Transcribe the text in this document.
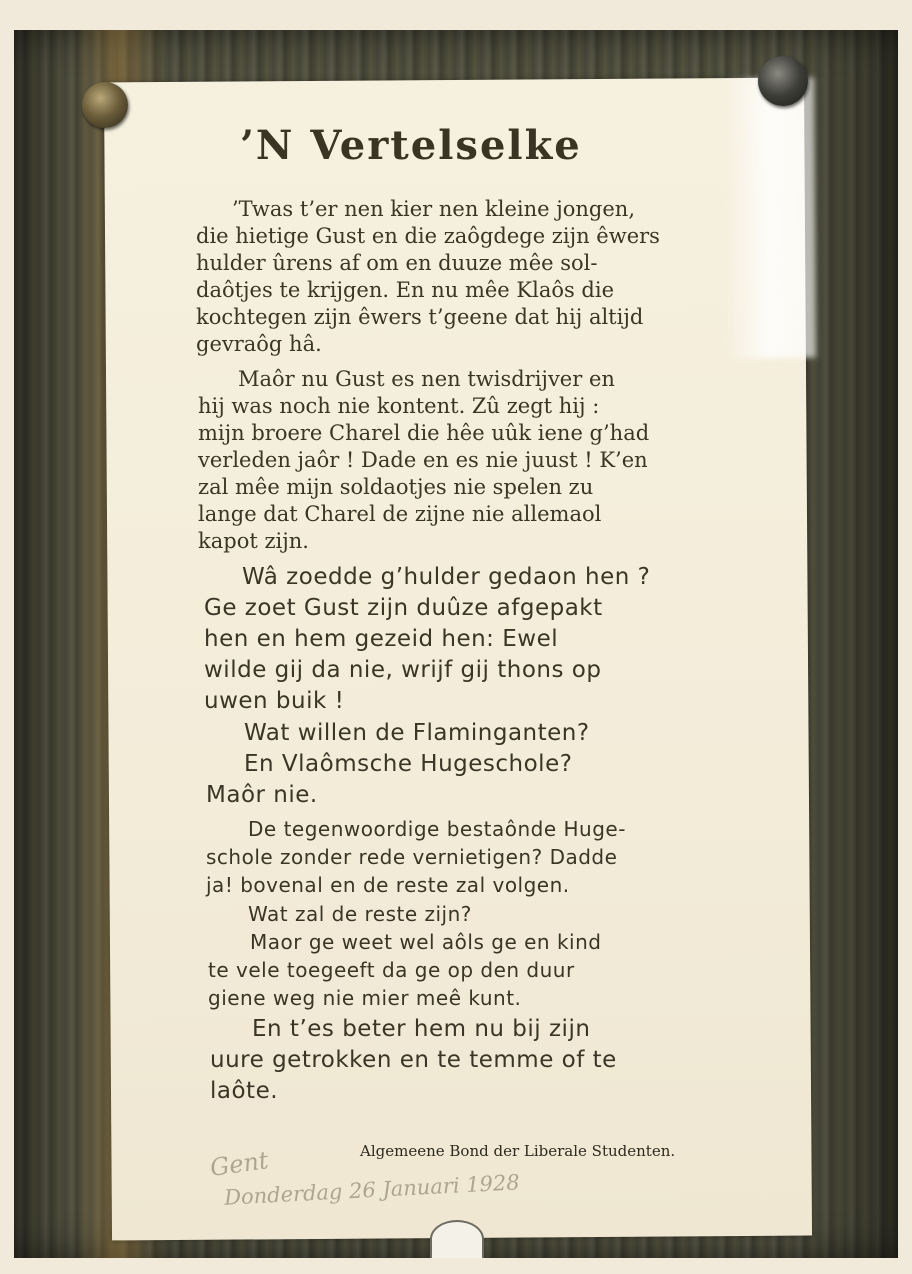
’N Vertelselke

’Twas t’er nen kier nen kleine jongen,
die hietige Gust en die zaôgdege zijn êwers
hulder ûrens af om en duuze mêe sol-
daôtjes te krijgen. En nu mêe Klaôs die
kochtegen zijn êwers t’geene dat hij altijd
gevraôg hâ.

Maôr nu Gust es nen twisdrijver en
hij was noch nie kontent. Zû zegt hij :
mijn broere Charel die hêe uûk iene g’had
verleden jaôr ! Dade en es nie juust ! K’en
zal mêe mijn soldaotjes nie spelen zu
lange dat Charel de zijne nie allemaol
kapot zijn.

Wâ zoedde g’hulder gedaon hen ?
Ge zoet Gust zijn duûze afgepakt
hen en hem gezeid hen: Ewel
wilde gij da nie, wrijf gij thons op
uwen buik !

Wat willen de Flaminganten?
En Vlaômsche Hugeschole?
Maôr nie.

De tegenwoordige bestaônde Huge-
schole zonder rede vernietigen? Dadde
ja! bovenal en de reste zal volgen.

Wat zal de reste zijn?

Maor ge weet wel aôls ge en kind
te vele toegeeft da ge op den duur
giene weg nie mier meê kunt.

En t’es beter hem nu bij zijn
uure getrokken en te temme of te
laôte.

Algemeene Bond der Liberale Studenten.
Gent
Donderdag 26 Januari 1928
